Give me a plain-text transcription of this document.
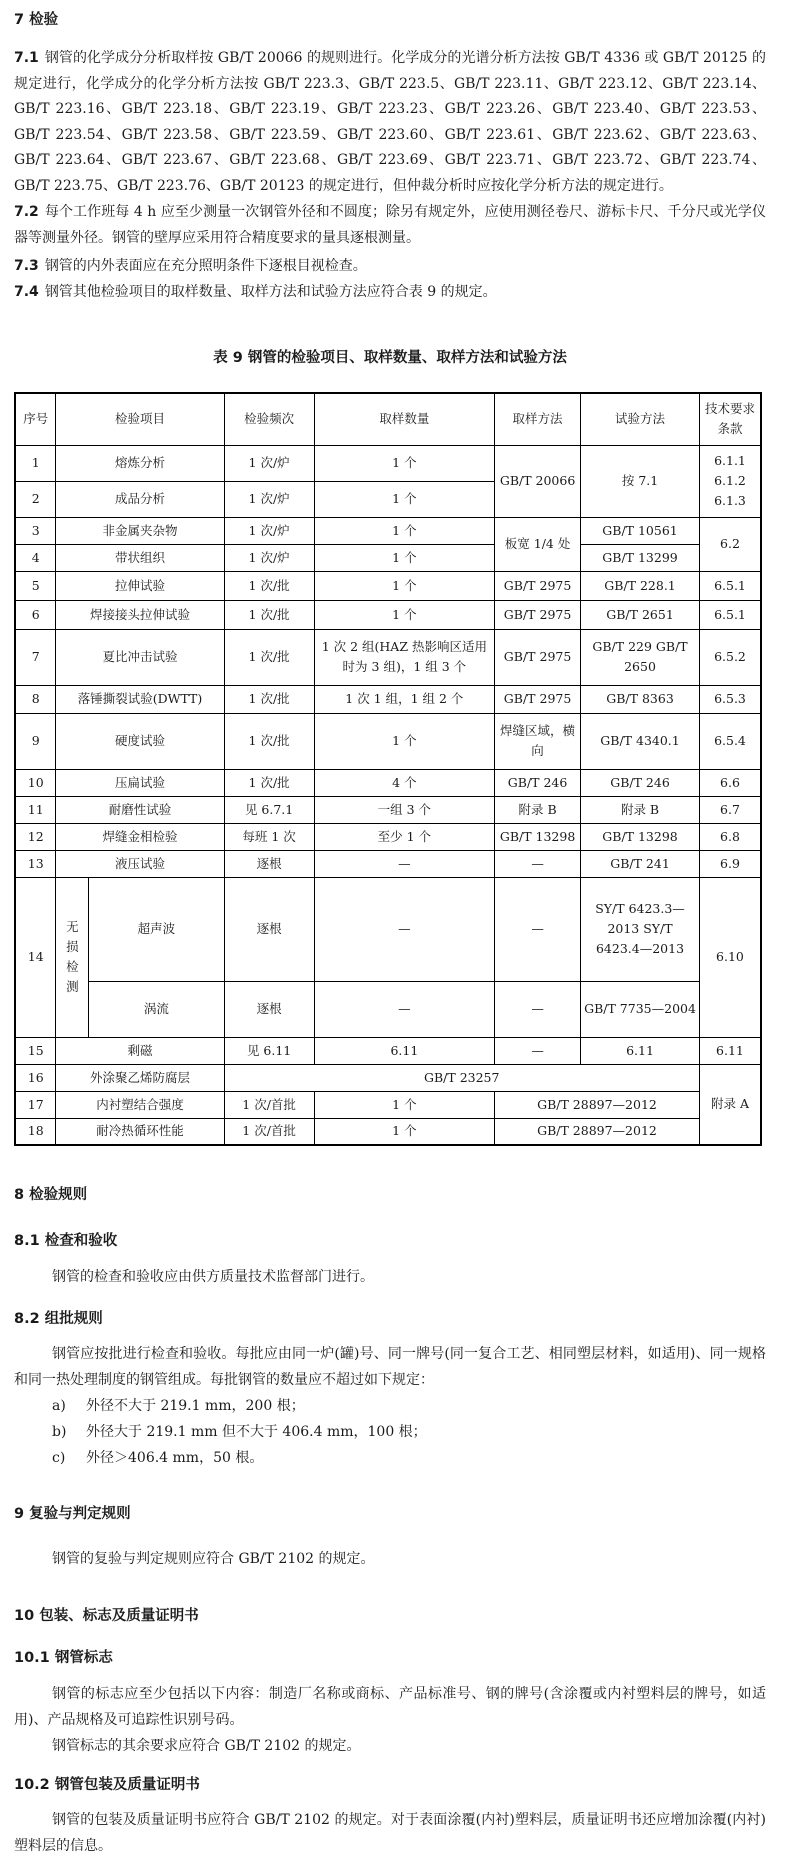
7 检验

7.1 钢管的化学成分分析取样按 GB/T 20066 的规则进行。化学成分的光谱分析方法按 GB/T 4336 或 GB/T 20125 的规定进行，化学成分的化学分析方法按 GB/T 223.3、GB/T 223.5、GB/T 223.11、GB/T 223.12、GB/T 223.14、GB/T 223.16、GB/T 223.18、GB/T 223.19、GB/T 223.23、GB/T 223.26、GB/T 223.40、GB/T 223.53、GB/T 223.54、GB/T 223.58、GB/T 223.59、GB/T 223.60、GB/T 223.61、GB/T 223.62、GB/T 223.63、GB/T 223.64、GB/T 223.67、GB/T 223.68、GB/T 223.69、GB/T 223.71、GB/T 223.72、GB/T 223.74、GB/T 223.75、GB/T 223.76、GB/T 20123 的规定进行，但仲裁分析时应按化学分析方法的规定进行。

7.2 每个工作班每 4 h 应至少测量一次钢管外径和不圆度；除另有规定外，应使用测径卷尺、游标卡尺、千分尺或光学仪器等测量外径。钢管的壁厚应采用符合精度要求的量具逐根测量。

7.3 钢管的内外表面应在充分照明条件下逐根目视检查。

7.4 钢管其他检验项目的取样数量、取样方法和试验方法应符合表 9 的规定。

表 9 钢管的检验项目、取样数量、取样方法和试验方法

序号	检验项目		检验频次	取样数量	取样方法	试验方法	技术要求条款
1	熔炼分析		1 次/炉	1 个	GB/T 20066	按 7.1	6.1.1
6.1.2
6.1.3

2	成品分析		1 次/炉	1 个			
3	非金属夹杂物		1 次/炉	1 个	板宽 1/4 处	GB/T 10561	6.2
4	带状组织		1 次/炉	1 个		GB/T 13299	
5	拉伸试验		1 次/批	1 个	GB/T 2975	GB/T 228.1	6.5.1
6	焊接接头拉伸试验		1 次/批	1 个	GB/T 2975	GB/T 2651	6.5.1
7	夏比冲击试验		1 次/批	1 次 2 组(HAZ 热影响区适用时为 3 组)，1 组 3 个	GB/T 2975	GB/T 229 GB/T 2650	6.5.2
8	落锤撕裂试验(DWTT)		1 次/批	1 次 1 组，1 组 2 个	GB/T 2975	GB/T 8363	6.5.3
9	硬度试验		1 次/批	1 个	焊缝区域，横向	GB/T 4340.1	6.5.4
10	压扁试验		1 次/批	4 个	GB/T 246	GB/T 246	6.6
11	耐磨性试验		见 6.7.1	一组 3 个	附录 B	附录 B	6.7
12	焊缝金相检验		每班 1 次	至少 1 个	GB/T 13298	GB/T 13298	6.8
13	液压试验		逐根	—	—	GB/T 241	6.9
14	无损检测	超声波	逐根	—	—	SY/T 6423.3—2013 SY/T 6423.4—2013	6.10
		涡流	逐根	—	—	GB/T 7735—2004	
15	剩磁		见 6.11	6.11	—	6.11	6.11
16	外涂聚乙烯防腐层		GB/T 23257				附录 A
17	内衬塑结合强度		1 次/首批	1 个	GB/T 28897—2012		
18	耐冷热循环性能		1 次/首批	1 个	GB/T 28897—2012		
8 检验规则
8.1 检查和验收

钢管的检查和验收应由供方质量技术监督部门进行。

8.2 组批规则

钢管应按批进行检查和验收。每批应由同一炉(罐)号、同一牌号(同一复合工艺、相同塑层材料，如适用)、同一规格和同一热处理制度的钢管组成。每批钢管的数量应不超过如下规定：

a) 外径不大于 219.1 mm，200 根；

b) 外径大于 219.1 mm 但不大于 406.4 mm，100 根；

c) 外径＞406.4 mm，50 根。

9 复验与判定规则

钢管的复验与判定规则应符合 GB/T 2102 的规定。

10 包装、标志及质量证明书
10.1 钢管标志

钢管的标志应至少包括以下内容：制造厂名称或商标、产品标准号、钢的牌号(含涂覆或内衬塑料层的牌号，如适用)、产品规格及可追踪性识别号码。

钢管标志的其余要求应符合 GB/T 2102 的规定。

10.2 钢管包装及质量证明书

钢管的包装及质量证明书应符合 GB/T 2102 的规定。对于表面涂覆(内衬)塑料层，质量证明书还应增加涂覆(内衬)塑料层的信息。
